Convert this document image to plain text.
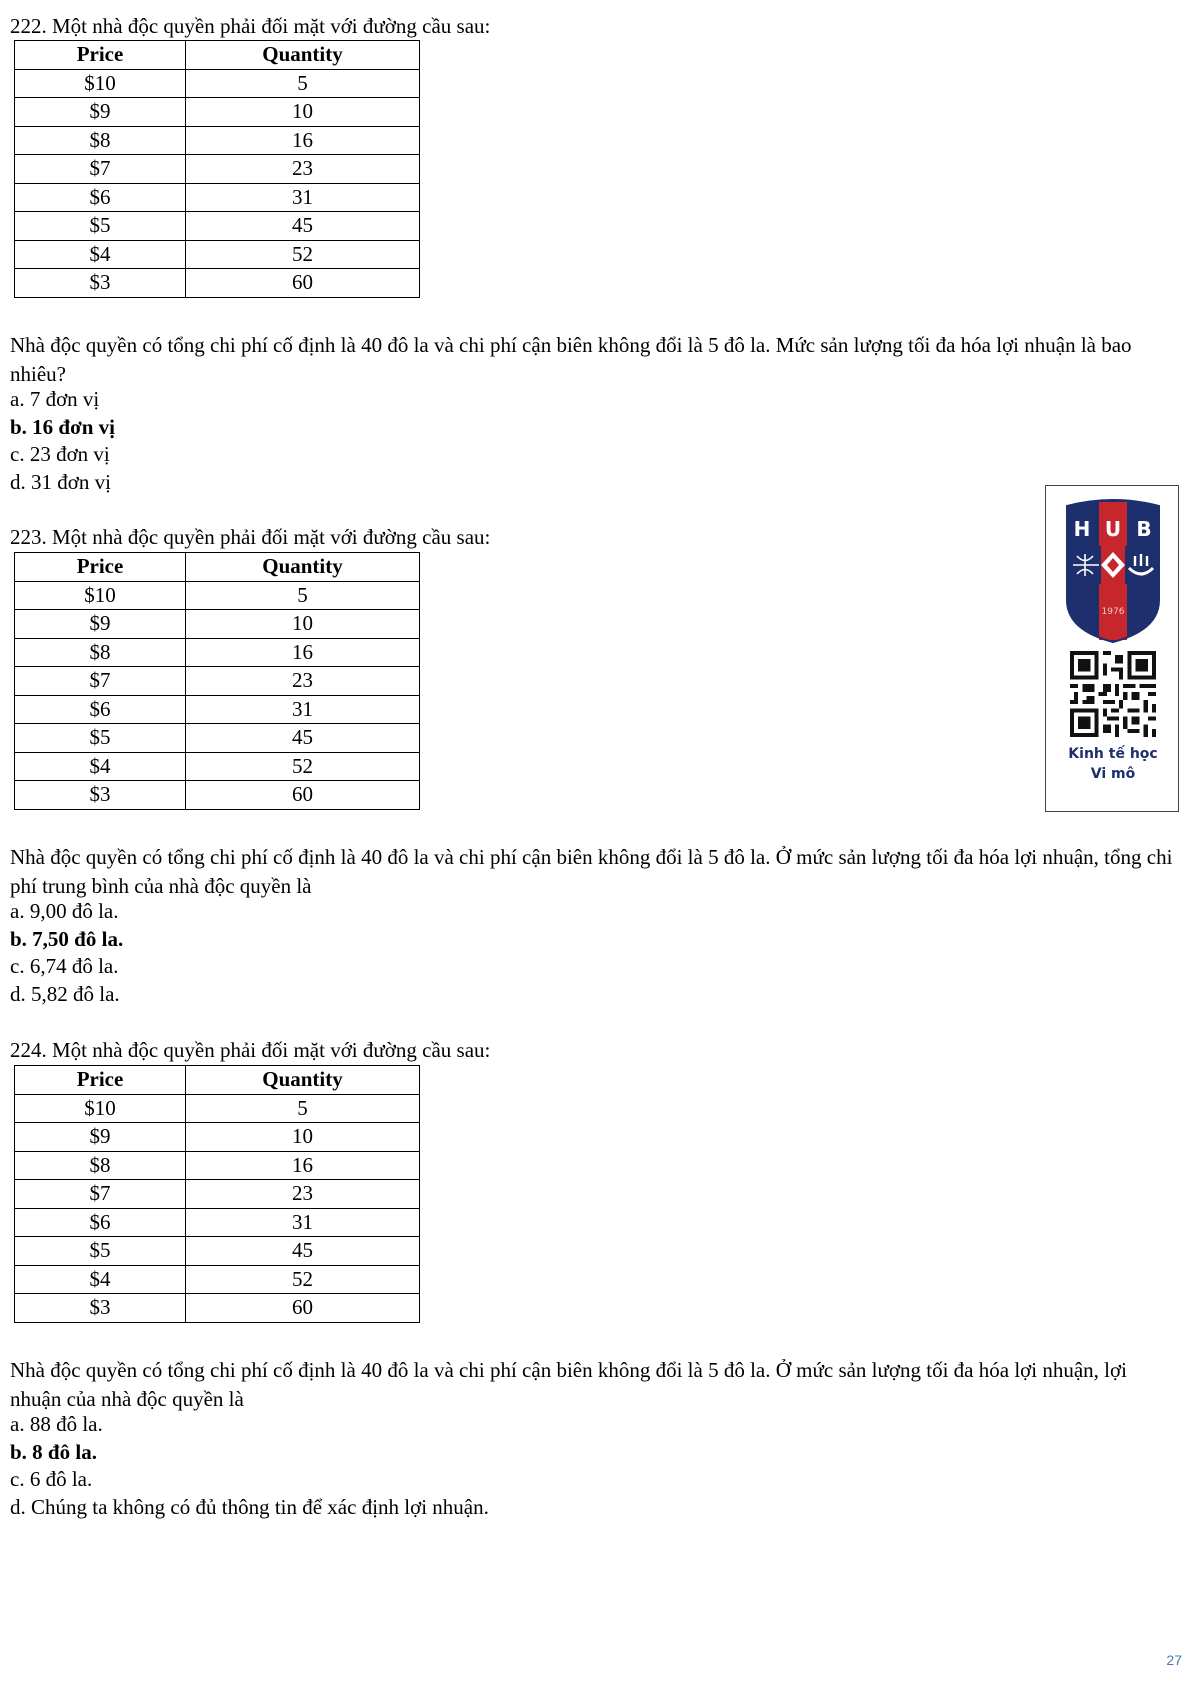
222. Một nhà độc quyền phải đối mặt với đường cầu sau:
Price	Quantity
$10	5
$9	10
$8	16
$7	23
$6	31
$5	45
$4	52
$3	60
Nhà độc quyền có tổng chi phí cố định là 40 đô la và chi phí cận biên không đổi là 5 đô la. Mức sản lượng tối đa hóa lợi nhuận là bao nhiêu?
a. 7 đơn vị
b. 16 đơn vị
c. 23 đơn vị
d. 31 đơn vị
223. Một nhà độc quyền phải đối mặt với đường cầu sau:
Price	Quantity
$10	5
$9	10
$8	16
$7	23
$6	31
$5	45
$4	52
$3	60
Nhà độc quyền có tổng chi phí cố định là 40 đô la và chi phí cận biên không đổi là 5 đô la. Ở mức sản lượng tối đa hóa lợi nhuận, tổng chi phí trung bình của nhà độc quyền là
a. 9,00 đô la.
b. 7,50 đô la.
c. 6,74 đô la.
d. 5,82 đô la.
224. Một nhà độc quyền phải đối mặt với đường cầu sau:
Price	Quantity
$10	5
$9	10
$8	16
$7	23
$6	31
$5	45
$4	52
$3	60
Nhà độc quyền có tổng chi phí cố định là 40 đô la và chi phí cận biên không đổi là 5 đô la. Ở mức sản lượng tối đa hóa lợi nhuận, lợi nhuận của nhà độc quyền là
a. 88 đô la.
b. 8 đô la.
c. 6 đô la.
d. Chúng ta không có đủ thông tin để xác định lợi nhuận.
H U B
1976
Kinh tế học
Vi mô
27
